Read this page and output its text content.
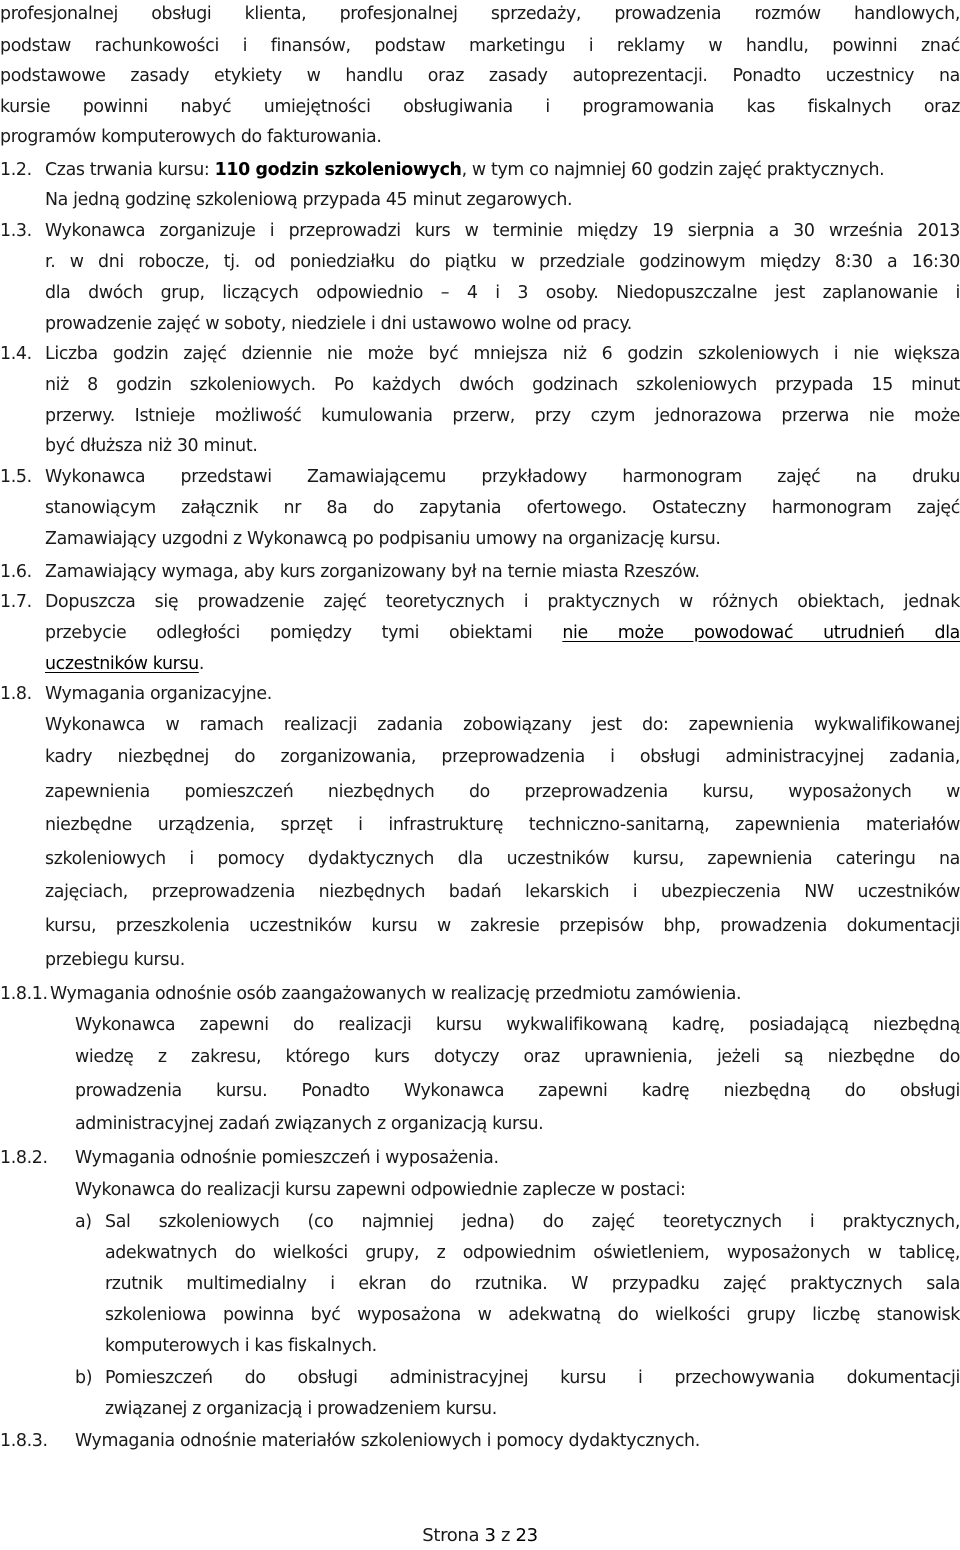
profesjonalnej obsługi klienta, profesjonalnej sprzedaży, prowadzenia rozmów handlowych,
podstaw rachunkowości i finansów, podstaw marketingu i reklamy w handlu, powinni znać
podstawowe zasady etykiety w handlu oraz zasady autoprezentacji. Ponadto uczestnicy na
kursie powinni nabyć umiejętności obsługiwania i programowania kas fiskalnych oraz
programów komputerowych do fakturowania.
1.2. Czas trwania kursu: 110 godzin szkoleniowych, w tym co najmniej 60 godzin zajęć praktycznych.
Na jedną godzinę szkoleniową przypada 45 minut zegarowych.
1.3. Wykonawca zorganizuje i przeprowadzi kurs w terminie między 19 sierpnia a 30 września 2013
r. w dni robocze, tj. od poniedziałku do piątku w przedziale godzinowym między 8:30 a 16:30
dla dwóch grup, liczących odpowiednio – 4 i 3 osoby. Niedopuszczalne jest zaplanowanie i
prowadzenie zajęć w soboty, niedziele i dni ustawowo wolne od pracy.
1.4. Liczba godzin zajęć dziennie nie może być mniejsza niż 6 godzin szkoleniowych i nie większa
niż 8 godzin szkoleniowych. Po każdych dwóch godzinach szkoleniowych przypada 15 minut
przerwy. Istnieje możliwość kumulowania przerw, przy czym jednorazowa przerwa nie może
być dłuższa niż 30 minut.
1.5. Wykonawca przedstawi Zamawiającemu przykładowy harmonogram zajęć na druku
stanowiącym załącznik nr 8a do zapytania ofertowego. Ostateczny harmonogram zajęć
Zamawiający uzgodni z Wykonawcą po podpisaniu umowy na organizację kursu.
1.6. Zamawiający wymaga, aby kurs zorganizowany był na ternie miasta Rzeszów.
1.7. Dopuszcza się prowadzenie zajęć teoretycznych i praktycznych w różnych obiektach, jednak
przebycie odległości pomiędzy tymi obiektami nie może powodować utrudnień dla
uczestników kursu.
1.8. Wymagania organizacyjne.
Wykonawca w ramach realizacji zadania zobowiązany jest do: zapewnienia wykwalifikowanej
kadry niezbędnej do zorganizowania, przeprowadzenia i obsługi administracyjnej zadania,
zapewnienia pomieszczeń niezbędnych do przeprowadzenia kursu, wyposażonych w
niezbędne urządzenia, sprzęt i infrastrukturę techniczno-sanitarną, zapewnienia materiałów
szkoleniowych i pomocy dydaktycznych dla uczestników kursu, zapewnienia cateringu na
zajęciach, przeprowadzenia niezbędnych badań lekarskich i ubezpieczenia NW uczestników
kursu, przeszkolenia uczestników kursu w zakresie przepisów bhp, prowadzenia dokumentacji
przebiegu kursu.
1.8.1. Wymagania odnośnie osób zaangażowanych w realizację przedmiotu zamówienia.
Wykonawca zapewni do realizacji kursu wykwalifikowaną kadrę, posiadającą niezbędną
wiedzę z zakresu, którego kurs dotyczy oraz uprawnienia, jeżeli są niezbędne do
prowadzenia kursu. Ponadto Wykonawca zapewni kadrę niezbędną do obsługi
administracyjnej zadań związanych z organizacją kursu.
1.8.2. Wymagania odnośnie pomieszczeń i wyposażenia.
Wykonawca do realizacji kursu zapewni odpowiednie zaplecze w postaci:
a) Sal szkoleniowych (co najmniej jedna) do zajęć teoretycznych i praktycznych,
adekwatnych do wielkości grupy, z odpowiednim oświetleniem, wyposażonych w tablicę,
rzutnik multimedialny i ekran do rzutnika. W przypadku zajęć praktycznych sala
szkoleniowa powinna być wyposażona w adekwatną do wielkości grupy liczbę stanowisk
komputerowych i kas fiskalnych.
b) Pomieszczeń do obsługi administracyjnej kursu i przechowywania dokumentacji
związanej z organizacją i prowadzeniem kursu.
1.8.3. Wymagania odnośnie materiałów szkoleniowych i pomocy dydaktycznych.
Strona 3 z 23
